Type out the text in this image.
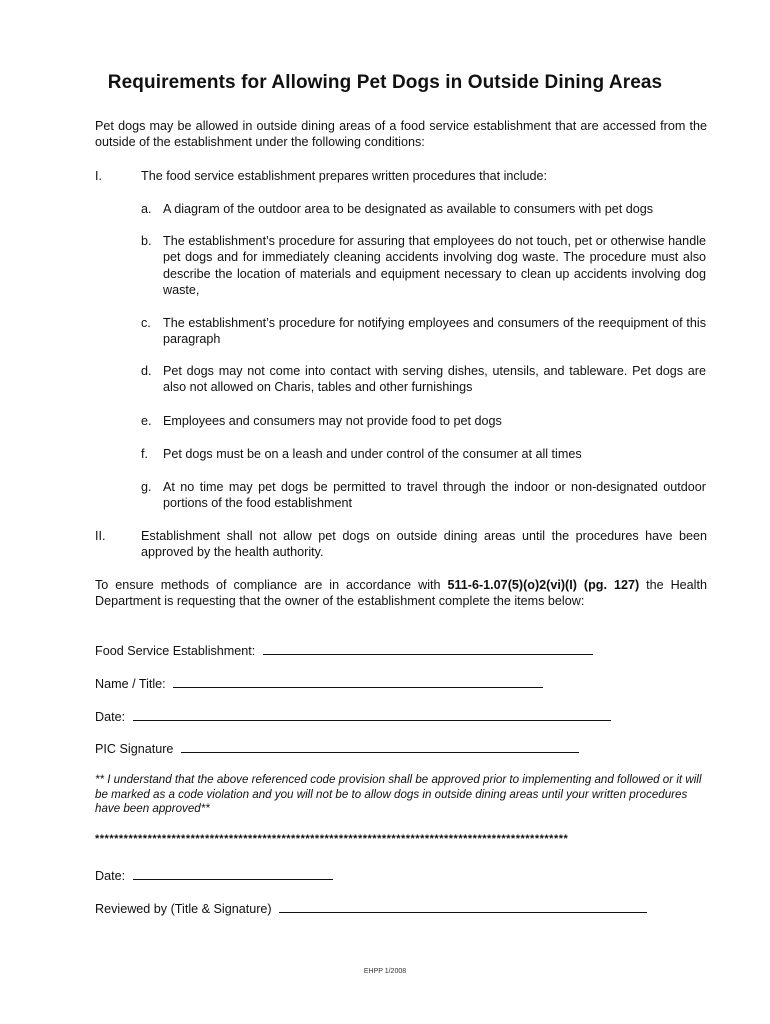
Requirements for Allowing Pet Dogs in Outside Dining Areas

Pet dogs may be allowed in outside dining areas of a food service establishment that are accessed from the outside of the establishment under the following conditions:

I.	The food service establishment prepares written procedures that include:

a. A diagram of the outdoor area to be designated as available to consumers with pet dogs

b. The establishment’s procedure for assuring that employees do not touch, pet or otherwise handle pet dogs and for immediately cleaning accidents involving dog waste. The procedure must also describe the location of materials and equipment necessary to clean up accidents involving dog waste,

c. The establishment’s procedure for notifying employees and consumers of the reequipment of this paragraph

d. Pet dogs may not come into contact with serving dishes, utensils, and tableware. Pet dogs are also not allowed on Charis, tables and other furnishings

e. Employees and consumers may not provide food to pet dogs

f. Pet dogs must be on a leash and under control of the consumer at all times

g. At no time may pet dogs be permitted to travel through the indoor or non-designated outdoor portions of the food establishment

II.	Establishment shall not allow pet dogs on outside dining areas until the procedures have been approved by the health authority.

To ensure methods of compliance are in accordance with 511-6-1.07(5)(o)2(vi)(I) (pg. 127) the Health Department is requesting that the owner of the establishment complete the items below:

Food Service Establishment:
Name / Title:
Date:
PIC Signature

** I understand that the above referenced code provision shall be approved prior to implementing and followed or it will be marked as a code violation and you will not be to allow dogs in outside dining areas until your written procedures have been approved**

***************************************************************************************************
Date:
Reviewed by (Title & Signature)
EHPP 1/2008
